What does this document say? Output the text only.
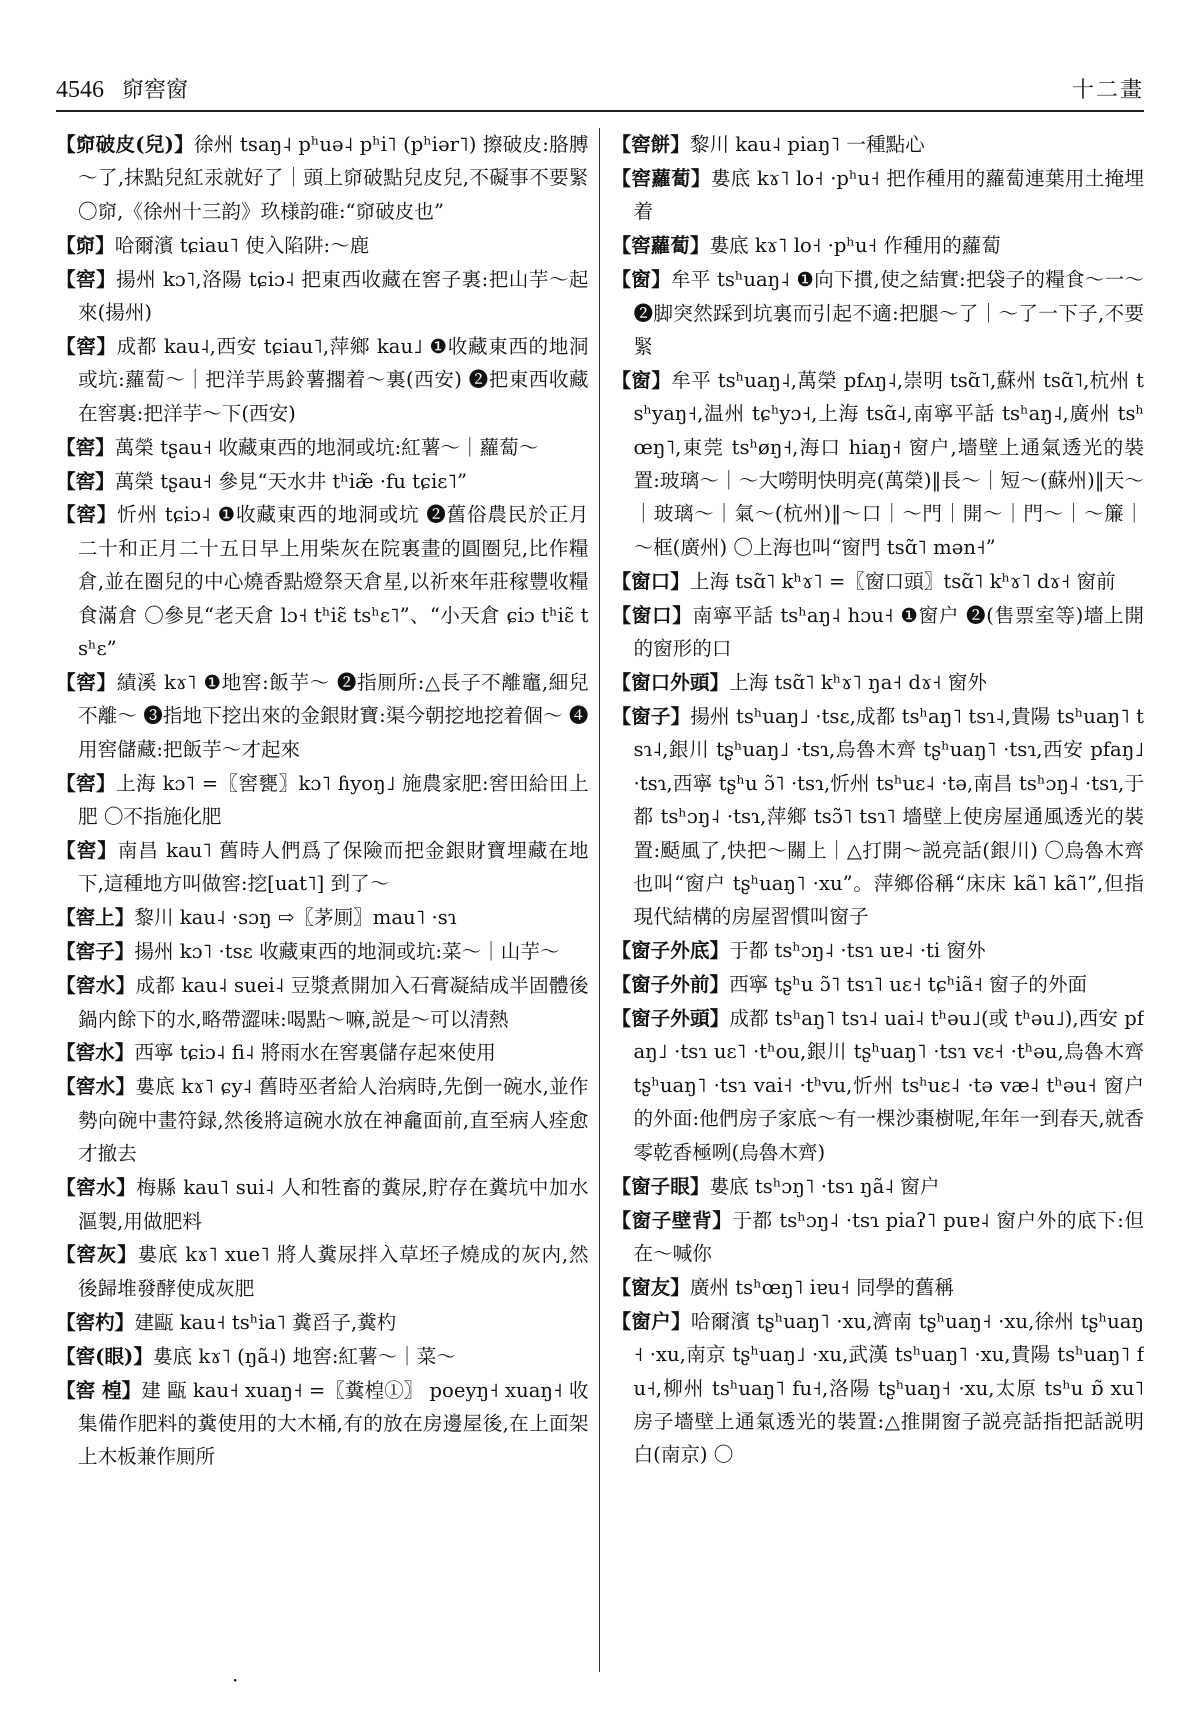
4546 窌窖窗	十二畫

【窌破皮(兒)】徐州 tsaŋ˨ pʰuə˨ pʰi˥ (pʰiər˥) 擦破皮:胳膊～了,抹點兒紅汞就好了｜頭上窌破點兒皮兒,不礙事不要緊 〇窌,《徐州十三韵》玖様韵碓:“窌破皮也”

【窌】哈爾濱 tɕiau˥ 使入陷阱:～鹿

【窖】揚州 kɔ˥,洛陽 tɕiɔ˨ 把東西收藏在窖子裏:把山芋～起來(揚州)

【窖】成都 kau˨,西安 tɕiau˥,萍鄉 kau˩ ❶收藏東西的地洞或坑:蘿蔔～｜把洋芋馬鈴薯擱着～裏(西安) ❷把東西收藏在窖裏:把洋芋～下(西安)

【窖】萬榮 tʂau˧ 收藏東西的地洞或坑:紅薯～｜蘿蔔～

【窖】萬榮 tʂau˧ 參見“天水井 tʰiæ̃ ·fu tɕiɛ˥”

【窖】忻州 tɕiɔ˨ ❶收藏東西的地洞或坑 ❷舊俗農民於正月二十和正月二十五日早上用柴灰在院裏畫的圓圈兒,比作糧倉,並在圈兒的中心燒香點燈祭天倉星,以祈來年莊稼豐收糧食滿倉 〇參見“老天倉 lɔ˧ tʰiɛ̃ tsʰɛ˥”、“小天倉 ɕiɔ tʰiɛ̃ tsʰɛ”

【窖】績溪 kɤ˥ ❶地窖:飯芋～ ❷指厠所:△長子不離竈,細兒不離～ ❸指地下挖出來的金銀財寶:渠今朝挖地挖着個～ ❹用窖儲藏:把飯芋～才起來

【窖】上海 kɔ˥ =〖窖甕〗kɔ˥ ɦyoŋ˩ 施農家肥:窖田給田上肥 〇不指施化肥

【窖】南昌 kau˥ 舊時人們爲了保險而把金銀財寶埋藏在地下,這種地方叫做窖:挖[uat˥] 到了～

【窖上】黎川 kau˨ ·sɔŋ ⇨〖茅厠〗mau˥ ·sɿ

【窖子】揚州 kɔ˥ ·tsɛ 收藏東西的地洞或坑:菜～｜山芋～

【窖水】成都 kau˨ suei˨ 豆漿煮開加入石膏凝結成半固體後鍋内餘下的水,略帶澀味:喝點～嘛,説是～可以清熱

【窖水】西寧 tɕiɔ˨ fi˨ 將雨水在窖裏儲存起來使用

【窖水】婁底 kɤ˥ ɕy˨ 舊時巫者給人治病時,先倒一碗水,並作勢向碗中畫符録,然後將這碗水放在神龕面前,直至病人痊愈才撤去

【窖水】梅縣 kau˥ sui˨ 人和牲畜的糞尿,貯存在糞坑中加水漚製,用做肥料

【窖灰】婁底 kɤ˥ xue˥ 將人糞尿拌入草坯子燒成的灰内,然後歸堆發酵使成灰肥

【窖杓】建甌 kau˧ tsʰia˥ 糞舀子,糞杓

【窖(眼)】婁底 kɤ˥ (ŋã˨) 地窖:紅薯～｜菜～

【窖 楻】建 甌 kau˧ xuaŋ˧ =〖糞楻①〗 poeyŋ˧ xuaŋ˧ 收集備作肥料的糞使用的大木桶,有的放在房邊屋後,在上面架上木板兼作厠所

【窖餅】黎川 kau˨ piaŋ˥ 一種點心

【窖蘿蔔】婁底 kɤ˥ lo˧ ·pʰu˧ 把作種用的蘿蔔連葉用土掩埋着

【窖蘿蔔】婁底 kɤ˥ lo˧ ·pʰu˧ 作種用的蘿蔔

【窗】牟平 tsʰuaŋ˨ ❶向下摜,使之結實:把袋子的糧食～一～ ❷脚突然踩到坑裏而引起不適:把腿～了｜～了一下子,不要緊

【窗】牟平 tsʰuaŋ˨,萬榮 pfʌŋ˨,崇明 tsɑ̃˥,蘇州 tsɑ̃˥,杭州 tsʰyaŋ˧,温州 tɕʰyɔ˧,上海 tsɑ̃˨,南寧平話 tsʰaŋ˨,廣州 tsʰœŋ˥,東莞 tsʰøŋ˧,海口 hiaŋ˧ 窗户,墻壁上通氣透光的裝置:玻璃～｜～大嘮明快明亮(萬榮)‖長～｜短～(蘇州)‖天～｜玻璃～｜氣～(杭州)‖～口｜～門｜開～｜門～｜～簾｜～框(廣州) 〇上海也叫“窗門 tsɑ̃˥ mən˧”

【窗口】上海 tsɑ̃˥ kʰɤ˥ =〖窗口頭〗tsɑ̃˥ kʰɤ˥ dɤ˧ 窗前

【窗口】南寧平話 tsʰaŋ˨ hɔu˧ ❶窗户 ❷(售票室等)墻上開的窗形的口

【窗口外頭】上海 tsɑ̃˥ kʰɤ˥ ŋa˧ dɤ˧ 窗外

【窗子】揚州 tsʰuaŋ˩ ·tsɛ,成都 tsʰaŋ˥ tsɿ˨,貴陽 tsʰuaŋ˥ tsɿ˨,銀川 tʂʰuaŋ˩ ·tsɿ,烏魯木齊 tʂʰuaŋ˥ ·tsɿ,西安 pfaŋ˩ ·tsɿ,西寧 tʂʰu ɔ̃˥ ·tsɿ,忻州 tsʰuɛ˨ ·tə,南昌 tsʰɔŋ˨ ·tsɿ,于都 tsʰɔŋ˨ ·tsɿ,萍鄉 tsɔ̃˥ tsɿ˥ 墻壁上使房屋通風透光的裝置:颳風了,快把～關上｜△打開～説亮話(銀川) 〇烏魯木齊也叫“窗户 tʂʰuaŋ˥ ·xu”。萍鄉俗稱“床床 kã˥ kã˥”,但指現代結構的房屋習慣叫窗子

【窗子外底】于都 tsʰɔŋ˨ ·tsɿ uɐ˨ ·ti 窗外

【窗子外前】西寧 tʂʰu ɔ̃˥ tsɿ˥ uɛ˧ tɕʰiã˧ 窗子的外面

【窗子外頭】成都 tsʰaŋ˥ tsɿ˨ uai˨ tʰəu˩(或 tʰəu˩),西安 pfaŋ˩ ·tsɿ uɛ˥ ·tʰou,銀川 tʂʰuaŋ˥ ·tsɿ vɛ˧ ·tʰəu,烏魯木齊 tʂʰuaŋ˥ ·tsɿ vai˧ ·tʰvu,忻州 tsʰuɛ˨ ·tə væ˨ tʰəu˧ 窗户的外面:他們房子家底～有一棵沙棗樹呢,年年一到春天,就香零乾香極咧(烏魯木齊)

【窗子眼】婁底 tsʰɔŋ˥ ·tsɿ ŋã˨ 窗户

【窗子壁背】于都 tsʰɔŋ˨ ·tsɿ piaʔ˥ puɐ˨ 窗户外的底下:但在～喊你

【窗友】廣州 tsʰœŋ˥ iɐu˧ 同學的舊稱

【窗户】哈爾濱 tʂʰuaŋ˥ ·xu,濟南 tʂʰuaŋ˧ ·xu,徐州 tʂʰuaŋ˧ ·xu,南京 tʂʰuaŋ˩ ·xu,武漢 tsʰuaŋ˥ ·xu,貴陽 tsʰuaŋ˥ fu˧,柳州 tsʰuaŋ˥ fu˧,洛陽 tʂʰuaŋ˧ ·xu,太原 tsʰu ɒ̃ xu˥ 房子墻壁上通氣透光的裝置:△推開窗子説亮話指把話説明白(南京) 〇

·
